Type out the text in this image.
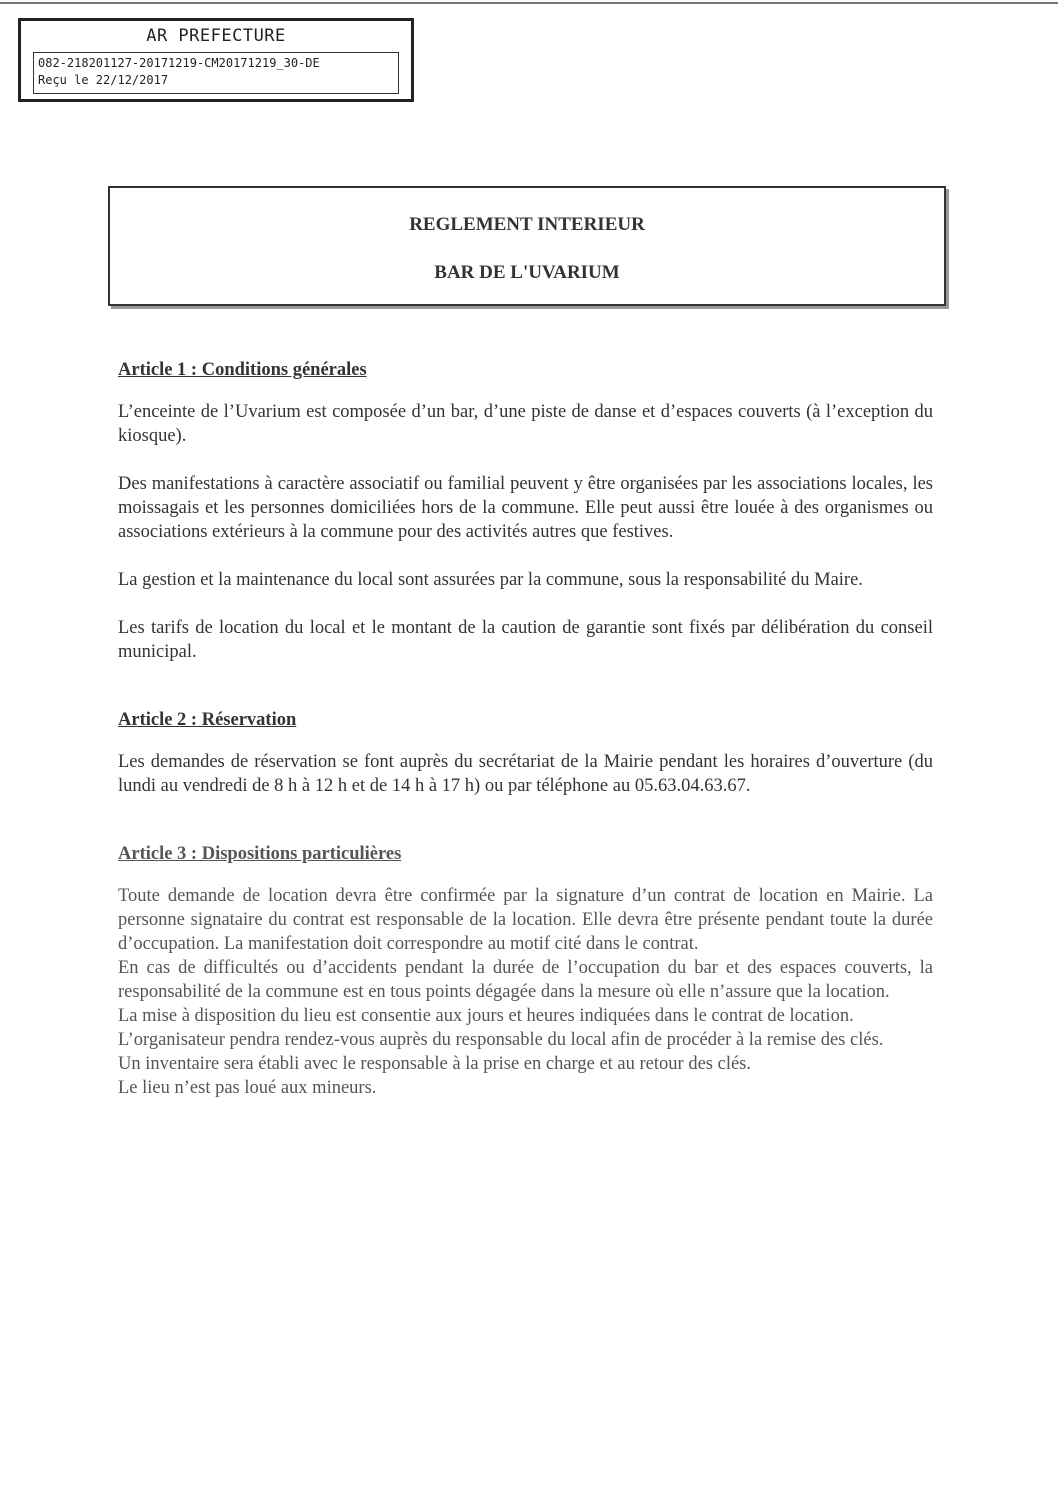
AR PREFECTURE
082-218201127-20171219-CM20171219_30-DE
Reçu le 22/12/2017
REGLEMENT INTERIEUR
BAR DE L'UVARIUM
Article 1 : Conditions générales

L’enceinte de l’Uvarium est composée d’un bar, d’une piste de danse et d’espaces couverts (à l’exception du kiosque).

Des manifestations à caractère associatif ou familial peuvent y être organisées par les associations locales, les moissagais et les personnes domiciliées hors de la commune. Elle peut aussi être louée à des organismes ou associations extérieurs à la commune pour des activités autres que festives.

La gestion et la maintenance du local sont assurées par la commune, sous la responsabilité du Maire.

Les tarifs de location du local et le montant de la caution de garantie sont fixés par délibération du conseil municipal.

Article 2 : Réservation

Les demandes de réservation se font auprès du secrétariat de la Mairie pendant les horaires d’ouverture (du lundi au vendredi de 8 h à 12 h et de 14 h à 17 h) ou par téléphone au 05.63.04.63.67.

Article 3 : Dispositions particulières

Toute demande de location devra être confirmée par la signature d’un contrat de location en Mairie. La personne signataire du contrat est responsable de la location. Elle devra être présente pendant toute la durée d’occupation. La manifestation doit correspondre au motif cité dans le contrat.

En cas de difficultés ou d’accidents pendant la durée de l’occupation du bar et des espaces couverts, la responsabilité de la commune est en tous points dégagée dans la mesure où elle n’assure que la location.

La mise à disposition du lieu est consentie aux jours et heures indiquées dans le contrat de location.

L’organisateur pendra rendez-vous auprès du responsable du local afin de procéder à la remise des clés.

Un inventaire sera établi avec le responsable à la prise en charge et au retour des clés.

Le lieu n’est pas loué aux mineurs.
